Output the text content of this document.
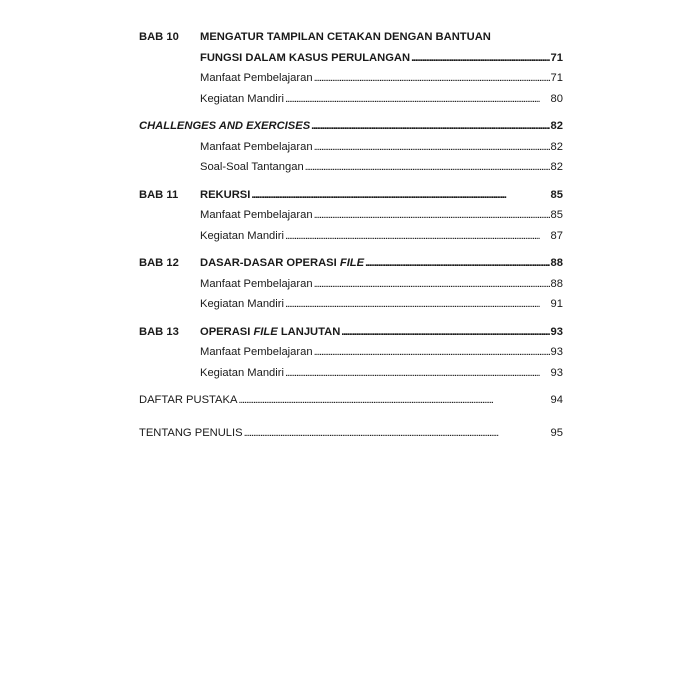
BAB 10	MENGATUR TAMPILAN CETAKAN DENGAN BANTUAN
FUNGSI DALAM KASUS PERULANGAN . . .	71
Manfaat Pembelajaran . . .	71
Kegiatan Mandiri . . .	80
CHALLENGES AND EXERCISES . . .	82
Manfaat Pembelajaran . . .	82
Soal-Soal Tantangan . . .	82
BAB 11	REKURSI . . .	85
Manfaat Pembelajaran . . .	85
Kegiatan Mandiri . . .	87
BAB 12	DASAR-DASAR OPERASI FILE . . .	88
Manfaat Pembelajaran . . .	88
Kegiatan Mandiri . . .	91
BAB 13	OPERASI FILE LANJUTAN . . .	93
Manfaat Pembelajaran . . .	93
Kegiatan Mandiri . . .	93
DAFTAR PUSTAKA . . .	94
TENTANG PENULIS . . .	95
